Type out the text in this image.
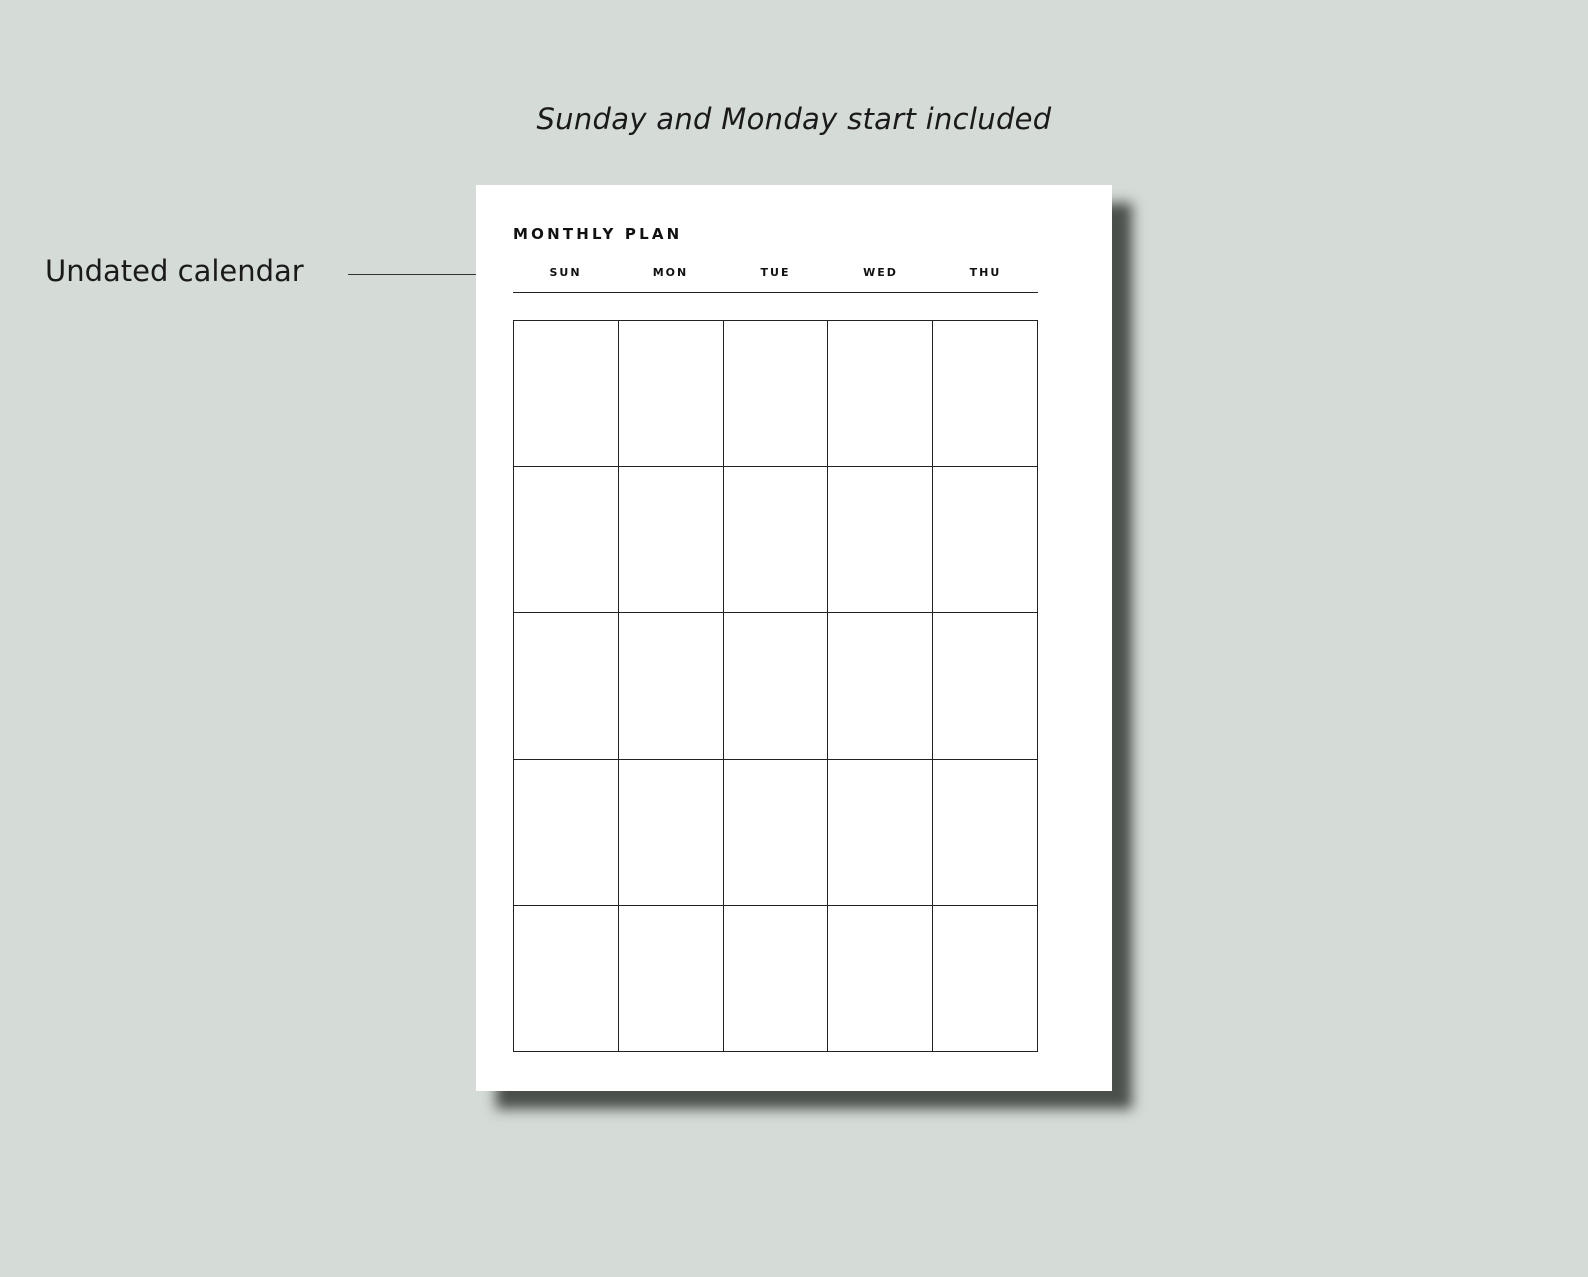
Sunday and Monday start included
Undated calendar
MONTHLY PLAN
SUN	MON	TUE	WED	THU
